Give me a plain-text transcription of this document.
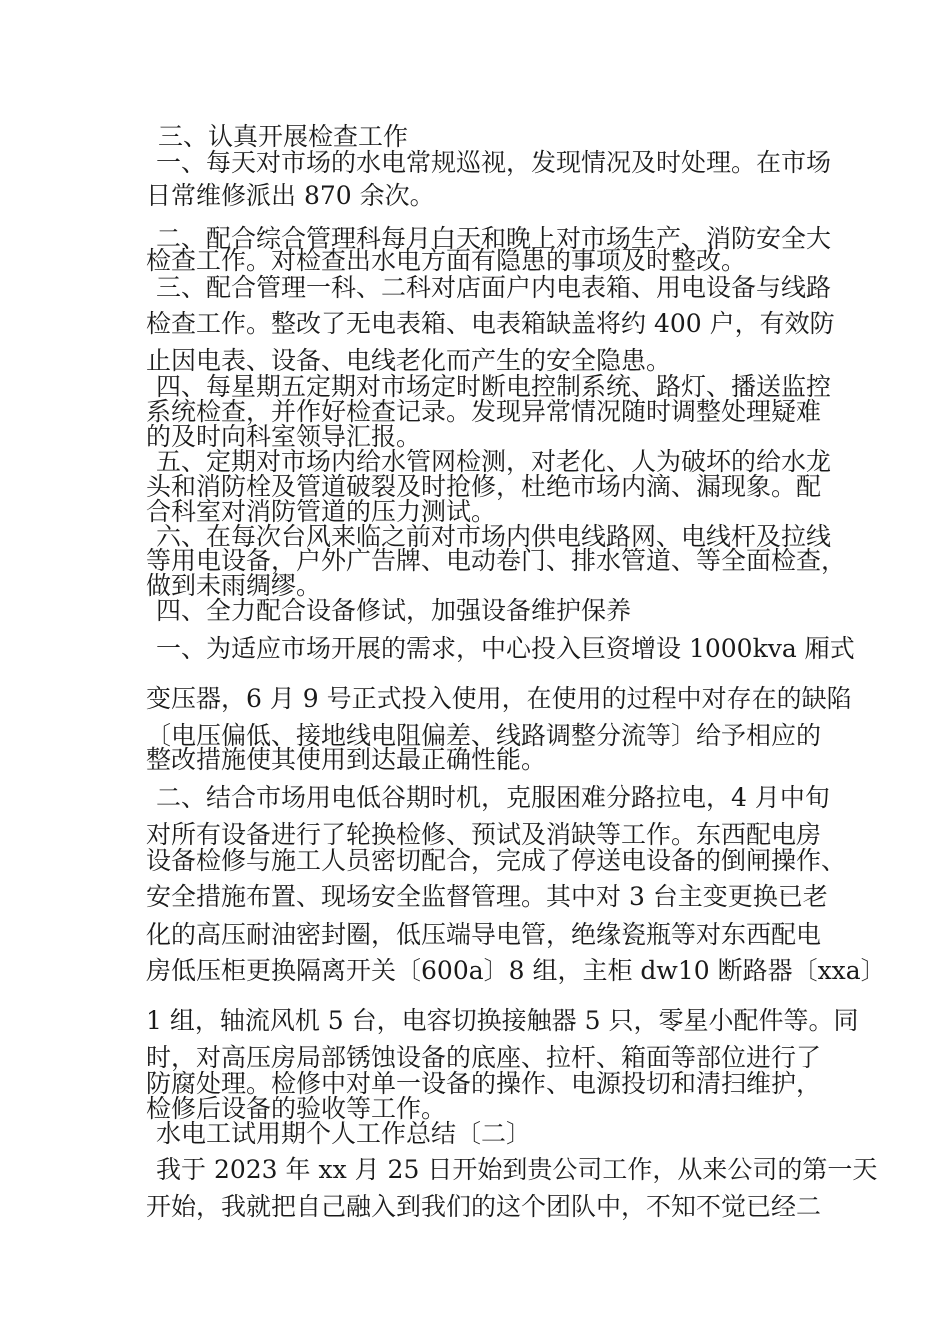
三、认真开展检查工作
一、每天对市场的水电常规巡视，发现情况及时处理。在市场
日常维修派出 870 余次。
二、配合综合管理科每月白天和晚上对市场生产、消防安全大
检查工作。对检查出水电方面有隐患的事项及时整改。
三、配合管理一科、二科对店面户内电表箱、用电设备与线路
检查工作。整改了无电表箱、电表箱缺盖将约 400 户，有效防
止因电表、设备、电线老化而产生的安全隐患。
四、每星期五定期对市场定时断电控制系统、路灯、播送监控
系统检查，并作好检查记录。发现异常情况随时调整处理疑难
的及时向科室领导汇报。
五、定期对市场内给水管网检测，对老化、人为破坏的给水龙
头和消防栓及管道破裂及时抢修，杜绝市场内滴、漏现象。配
合科室对消防管道的压力测试。
六、在每次台风来临之前对市场内供电线路网、电线杆及拉线
等用电设备，户外广告牌、电动卷门、排水管道、等全面检查，
做到未雨绸缪。
四、全力配合设备修试，加强设备维护保养
一、为适应市场开展的需求，中心投入巨资增设 1000kva 厢式
变压器，6 月 9 号正式投入使用，在使用的过程中对存在的缺陷
〔电压偏低、接地线电阻偏差、线路调整分流等〕给予相应的
整改措施使其使用到达最正确性能。
二、结合市场用电低谷期时机，克服困难分路拉电，4 月中旬
对所有设备进行了轮换检修、预试及消缺等工作。东西配电房
设备检修与施工人员密切配合，完成了停送电设备的倒闸操作、
安全措施布置、现场安全监督管理。其中对 3 台主变更换已老
化的高压耐油密封圈，低压端导电管，绝缘瓷瓶等对东西配电
房低压柜更换隔离开关〔600a〕8 组，主柜 dw10 断路器〔xxa〕
1 组，轴流风机 5 台，电容切换接触器 5 只，零星小配件等。同
时，对高压房局部锈蚀设备的底座、拉杆、箱面等部位进行了
防腐处理。检修中对单一设备的操作、电源投切和清扫维护，
检修后设备的验收等工作。
水电工试用期个人工作总结〔二〕
我于 2023 年 xx 月 25 日开始到贵公司工作，从来公司的第一天
开始，我就把自己融入到我们的这个团队中，不知不觉已经二
